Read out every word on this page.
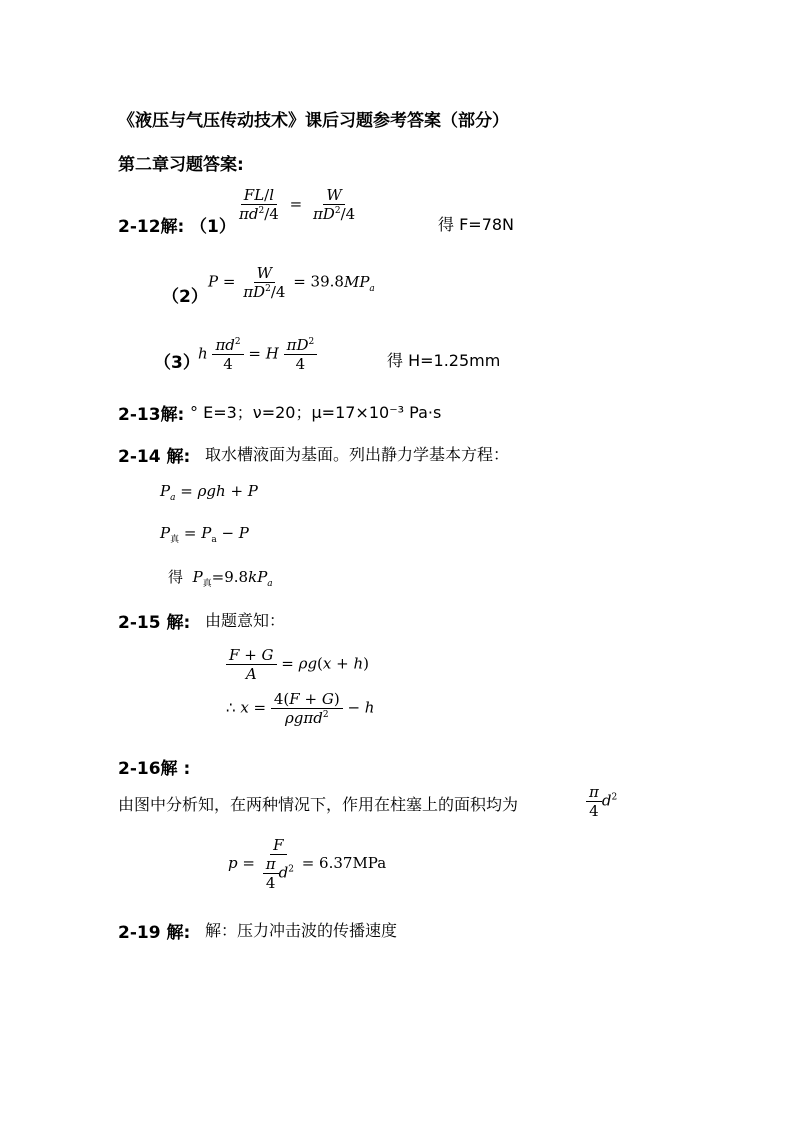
《液压与气压传动技术》课后习题参考答案（部分）
第二章习题答案:
2-12解: （1）
$\frac{FL/l}{\pi d^2/4} = \frac{W}{\pi D^2/4}$
得 F=78N
（2）
$P = \frac{W}{\pi D^2/4} = 39.8MP_a$
（3）
h $\frac{\pi d^2}{4} = H \frac{\pi D^2}{4}$	得 H=1.25mm
2-13解: ° E=3；ν=20；μ=17×10⁻³ Pa·s
2-14 解: 取水槽液面为基面。列出静力学基本方程：
$P_a = \rho gh + P$
$P_真 = P_a - P$
得 $P_真=9.8kP_a$
2-15 解: 由题意知：
$\frac{F + G}{A} = \rho g(x + h)$
∴ $x = \frac{4(F + G)}{\rho g\pi d^2} - h$
2-16解 :
由图中分析知，在两种情况下，作用在柱塞上的面积均为	$\frac{\pi}{4} d^2$
$p = \frac{F}{\frac{\pi}{4} d^2} = 6.37MPa$
2-19 解: 解：压力冲击波的传播速度
